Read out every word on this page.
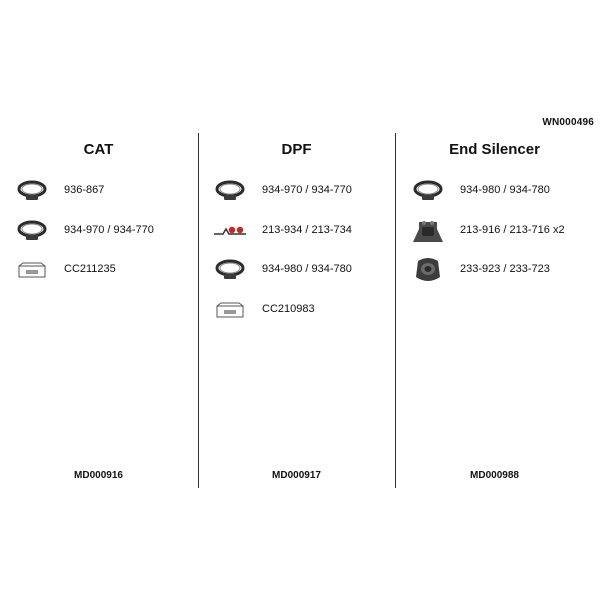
WN000496
CAT
936-867
934-970 / 934-770
CC211235
MD000916
DPF
934-970 / 934-770
213-934 / 213-734
934-980 / 934-780
CC210983
MD000917
End Silencer
934-980 / 934-780
213-916 / 213-716 x2
233-923 / 233-723
MD000988
